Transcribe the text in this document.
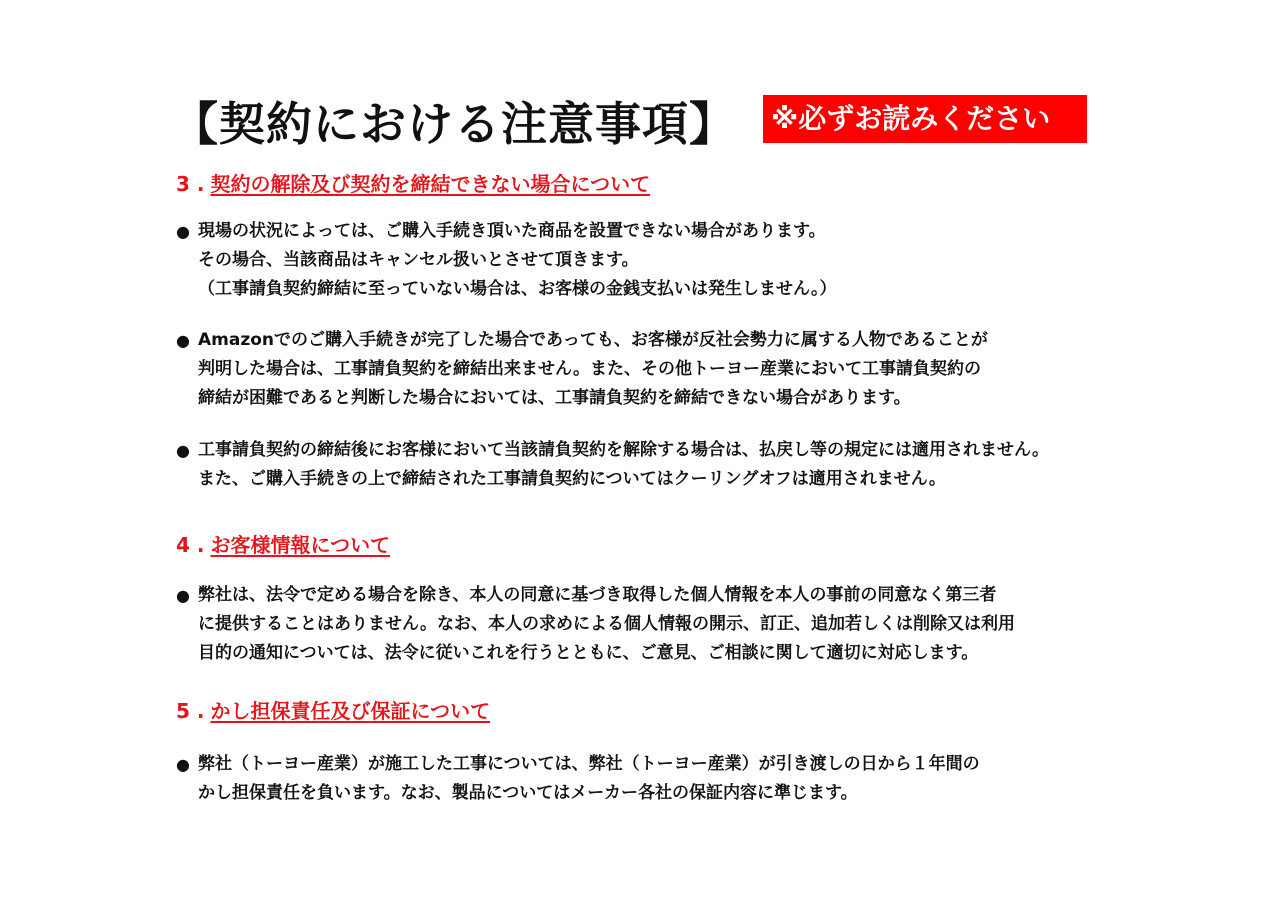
【契約における注意事項】 ※必ずお読みください
3 . 契約の解除及び契約を締結できない場合について
● 現場の状況によっては、ご購入手続き頂いた商品を設置できない場合があります。
その場合、当該商品はキャンセル扱いとさせて頂きます。
（工事請負契約締結に至っていない場合は、お客様の金銭支払いは発生しません。）
● Amazonでのご購入手続きが完了した場合であっても、お客様が反社会勢力に属する人物であることが
判明した場合は、工事請負契約を締結出来ません。また、その他トーヨー産業において工事請負契約の
締結が困難であると判断した場合においては、工事請負契約を締結できない場合があります。
● 工事請負契約の締結後にお客様において当該請負契約を解除する場合は、払戻し等の規定には適用されません。
また、ご購入手続きの上で締結された工事請負契約についてはクーリングオフは適用されません。
4 . お客様情報について
● 弊社は、法令で定める場合を除き、本人の同意に基づき取得した個人情報を本人の事前の同意なく第三者
に提供することはありません。なお、本人の求めによる個人情報の開示、訂正、追加若しくは削除又は利用
目的の通知については、法令に従いこれを行うとともに、ご意見、ご相談に関して適切に対応します。
5 . かし担保責任及び保証について
● 弊社（トーヨー産業）が施工した工事については、弊社（トーヨー産業）が引き渡しの日から１年間の
かし担保責任を負います。なお、製品についてはメーカー各社の保証内容に準じます。
